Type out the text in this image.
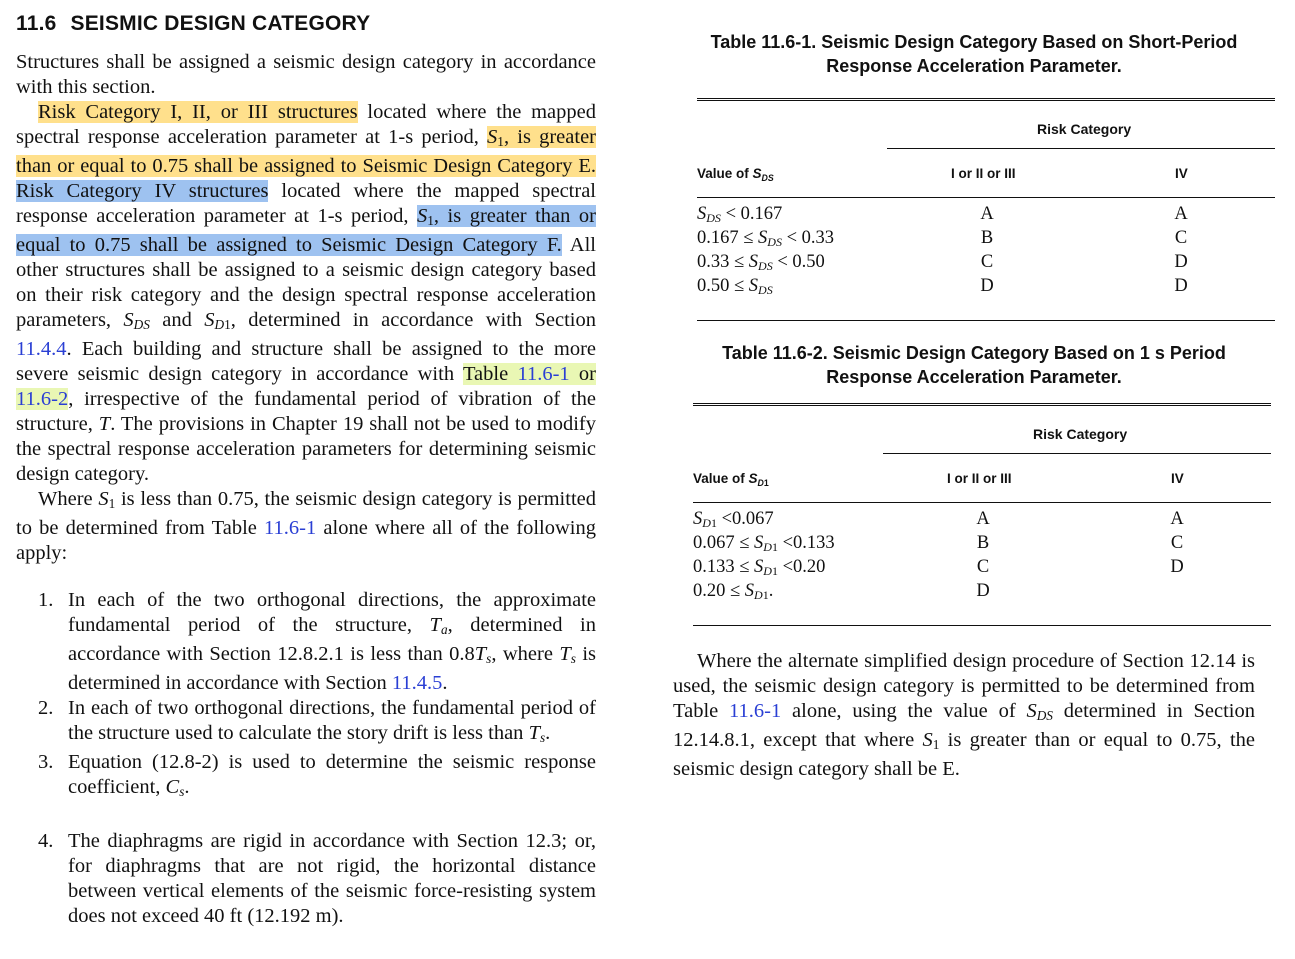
11.6 SEISMIC DESIGN CATEGORY

Structures shall be assigned a seismic design category in accordance with this section.

Risk Category I, II, or III structures located where the mapped spectral response acceleration parameter at 1-s period, $S_1$, is greater than or equal to 0.75 shall be assigned to Seismic Design Category E. Risk Category IV structures located where the mapped spectral response acceleration parameter at 1-s period, $S_1$, is greater than or equal to 0.75 shall be assigned to Seismic Design Category F. All other structures shall be assigned to a seismic design category based on their risk category and the design spectral response acceleration parameters, $S_{DS}$ and $S_{D1}$, determined in accordance with Section 11.4.4. Each building and structure shall be assigned to the more severe seismic design category in accordance with Table 11.6-1 or 11.6-2, irrespective of the fundamental period of vibration of the structure, T. The provisions in Chapter 19 shall not be used to modify the spectral response acceleration parameters for determining seismic design category.

Where $S_1$ is less than 0.75, the seismic design category is permitted to be determined from Table 11.6-1 alone where all of the following apply:

1. In each of the two orthogonal directions, the approximate fundamental period of the structure, $T_a$, determined in accordance with Section 12.8.2.1 is less than $0.8T_s$, where $T_s$ is determined in accordance with Section 11.4.5.
2. In each of two orthogonal directions, the fundamental period of the structure used to calculate the story drift is less than $T_s$.
3. Equation (12.8-2) is used to determine the seismic response coefficient, $C_s$.
4. The diaphragms are rigid in accordance with Section 12.3; or, for diaphragms that are not rigid, the horizontal distance between vertical elements of the seismic force-resisting system does not exceed 40 ft (12.192 m).

Table 11.6-1. Seismic Design Category Based on Short-Period
Response Acceleration Parameter.

Risk Category
Value of $S_{DS}$	I or II or III	IV
$S_{DS} < 0.167$	A	A
$0.167 \le S_{DS} < 0.33$	B	C
$0.33 \le S_{DS} < 0.50$	C	D
$0.50 \le S_{DS}$	D	D

Table 11.6-2. Seismic Design Category Based on 1 s Period
Response Acceleration Parameter.

Risk Category
Value of $S_{D1}$	I or II or III	IV
$S_{D1} <0.067$	A	A
$0.067 \le S_{D1} <0.133$	B	C
$0.133 \le S_{D1} <0.20$	C	D
$0.20 \le S_{D1}$.	D

Where the alternate simplified design procedure of Section 12.14 is used, the seismic design category is permitted to be determined from Table 11.6-1 alone, using the value of $S_{DS}$ determined in Section 12.14.8.1, except that where $S_1$ is greater than or equal to 0.75, the seismic design category shall be E.
